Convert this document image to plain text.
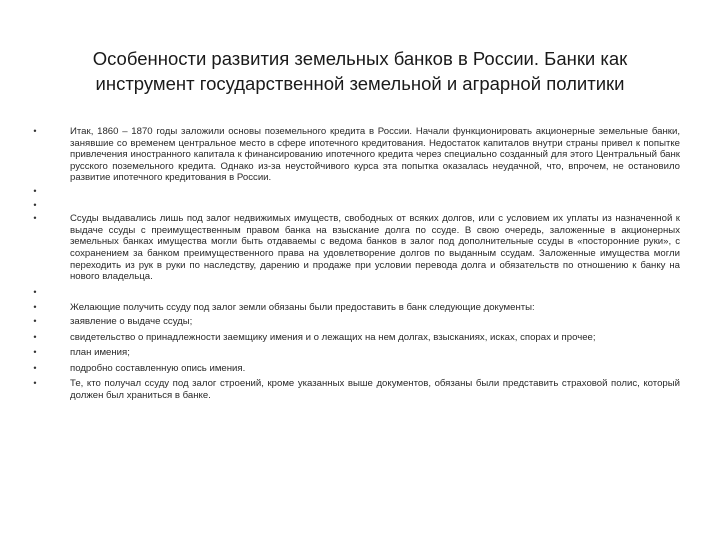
Особенности развития земельных банков в России. Банки как
инструмент государственной земельной и аграрной политики
•	Итак, 1860 – 1870 годы заложили основы поземельного кредита в России. Начали функционировать акционерные земельные банки, занявшие со временем центральное место в сфере ипотечного кредитования. Недостаток капиталов внутри страны привел к попытке привлечения иностранного капитала к финансированию ипотечного кредита через специально созданный для этого Центральный банк русского поземельного кредита. Однако из-за неустойчивого курса эта попытка оказалась неудачной, что, впрочем, не остановило развитие ипотечного кредитования в России.
•
•
•	Ссуды выдавались лишь под залог недвижимых имуществ, свободных от всяких долгов, или с условием их уплаты из назначенной к выдаче ссуды с преимущественным правом банка на взыскание долга по ссуде. В свою очередь, заложенные в акционерных земельных банках имущества могли быть отдаваемы с ведома банков в залог под дополнительные ссуды в «посторонние руки», с сохранением за банком преимущественного права на удовлетворение долгов по выданным ссудам. Заложенные имущества могли переходить из рук в руки по наследству, дарению и продаже при условии перевода долга и обязательств по отношению к банку на нового владельца.
•
•	Желающие получить ссуду под залог земли обязаны были предоставить в банк следующие документы:
•	заявление о выдаче ссуды;
•	свидетельство о принадлежности заемщику имения и о лежащих на нем долгах, взысканиях, исках, спорах и прочее;
•	план имения;
•	подробно составленную опись имения.
•	Те, кто получал ссуду под залог строений, кроме указанных выше документов, обязаны были представить страховой полис, который должен был храниться в банке.
